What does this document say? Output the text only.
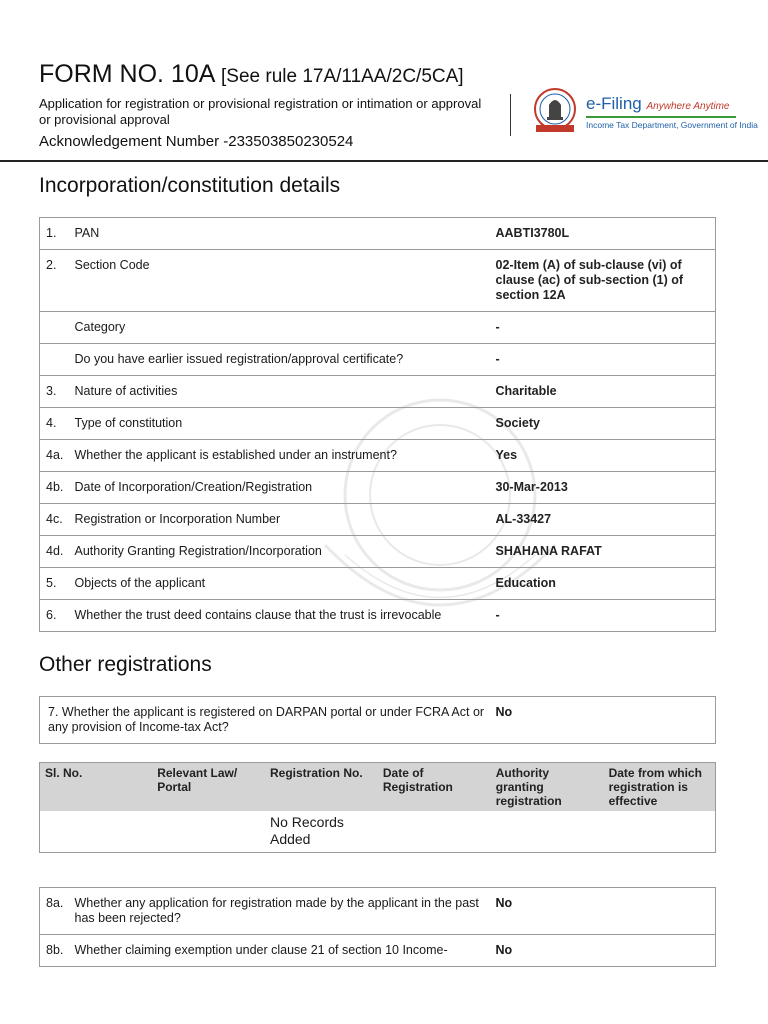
FORM NO. 10A [See rule 17A/11AA/2C/5CA]
Application for registration or provisional registration or intimation or approval or provisional approval
Acknowledgement Number -233503850230524
e-Filing Anywhere Anytime
Income Tax Department, Government of India
Incorporation/constitution details
1.	PAN	AABTI3780L
2.	Section Code	02-Item (A) of sub-clause (vi) of clause (ac) of sub-section (1) of section 12A
	Category	-
	Do you have earlier issued registration/approval certificate?	-
3.	Nature of activities	Charitable
4.	Type of constitution	Society
4a.	Whether the applicant is established under an instrument?	Yes
4b.	Date of Incorporation/Creation/Registration	30-Mar-2013
4c.	Registration or Incorporation Number	AL-33427
4d.	Authority Granting Registration/Incorporation	SHAHANA RAFAT
5.	Objects of the applicant	Education
6.	Whether the trust deed contains clause that the trust is irrevocable	-
Other registrations
7. Whether the applicant is registered on DARPAN portal or under FCRA Act or any provision of Income-tax Act?	No
Sl. No.	Relevant Law/ Portal	Registration No.	Date of Registration	Authority granting registration	Date from which registration is effective
		No Records Added			
8a.	Whether any application for registration made by the applicant in the past has been rejected?	No
8b.	Whether claiming exemption under clause 21 of section 10 Income-	No
